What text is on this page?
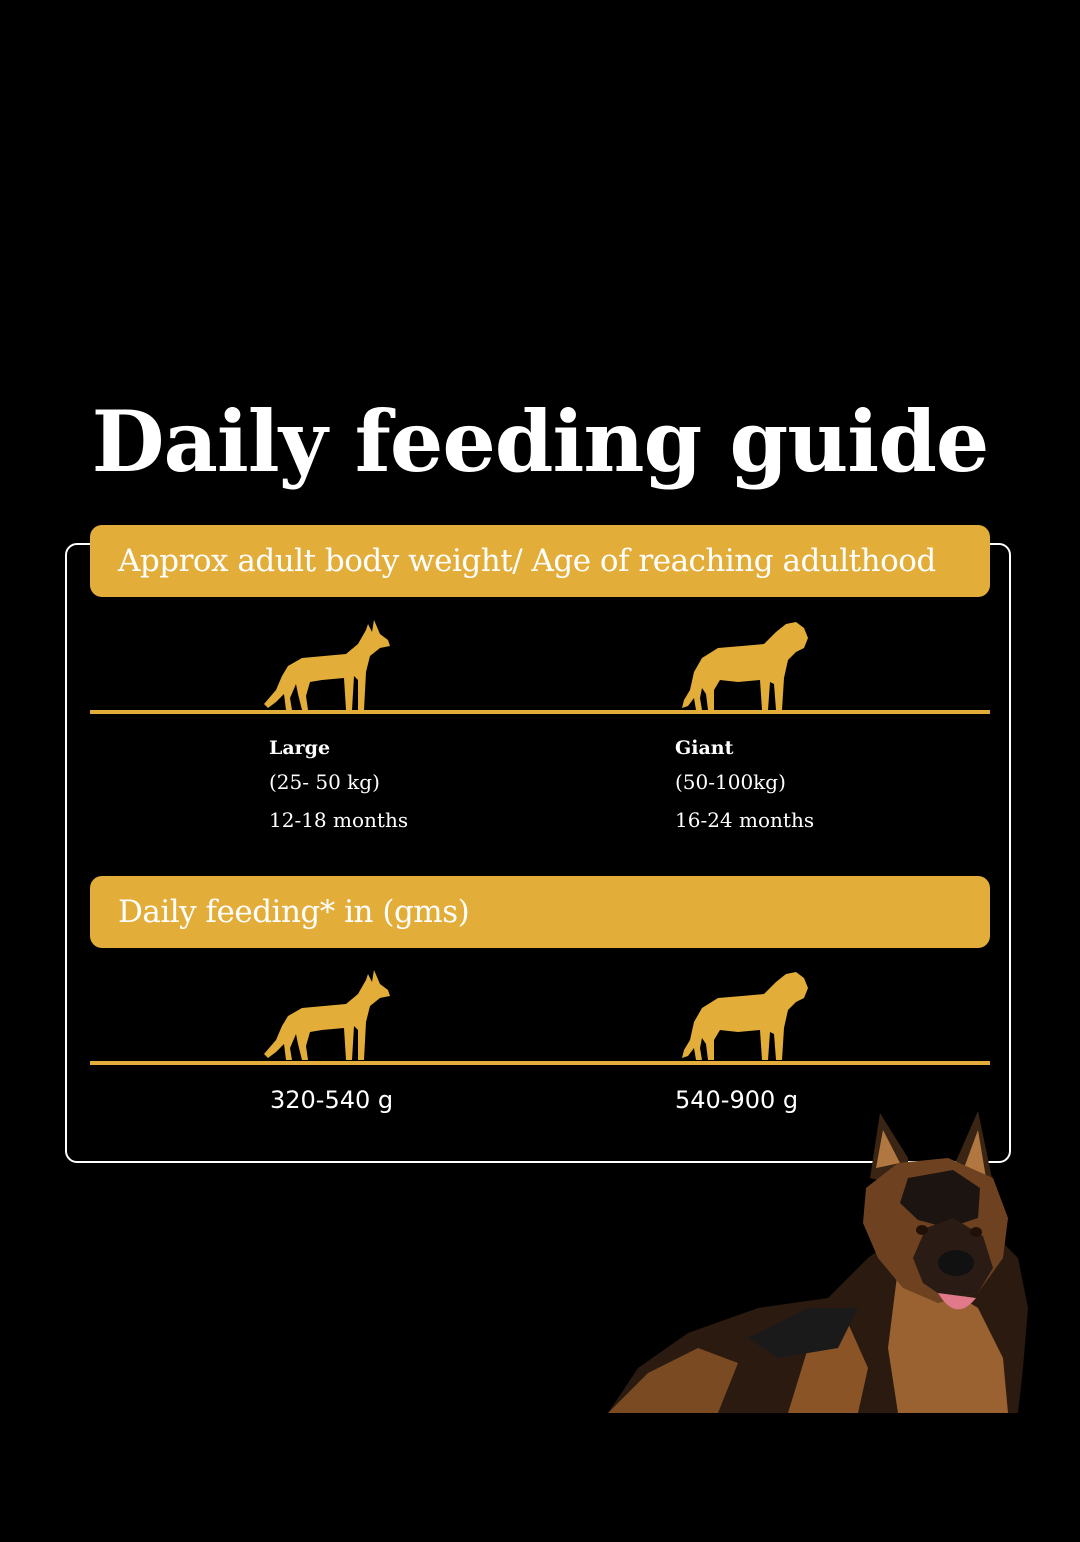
Daily feeding guide
Approx adult body weight/ Age of reaching adulthood
Large
(25- 50 kg)
12-18 months
Giant
(50-100kg)
16-24 months
Daily feeding* in (gms)
320-540 g	540-900 g
